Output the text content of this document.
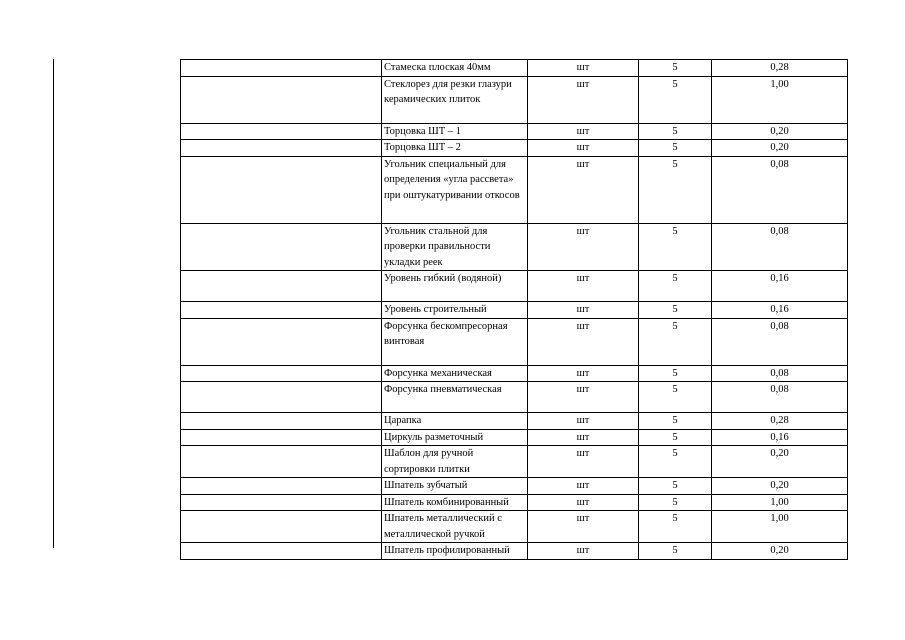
	Стамеска плоская 40мм	шт	5	0,28
	Стеклорез для резки глазури керамических плиток	шт	5	1,00
	Торцовка ШТ – 1	шт	5	0,20
	Торцовка ШТ – 2	шт	5	0,20
	Угольник специальный для определения «угла рассвета» при оштукатуривании откосов	шт	5	0,08
	Угольник стальной для проверки правильности укладки реек	шт	5	0,08
	Уровень гибкий (водяной)	шт	5	0,16
	Уровень строительный	шт	5	0,16
	Форсунка бескомпресорная винтовая	шт	5	0,08
	Форсунка механическая	шт	5	0,08
	Форсунка пневматическая	шт	5	0,08
	Царапка	шт	5	0,28
	Циркуль разметочный	шт	5	0,16
	Шаблон для ручной сортировки плитки	шт	5	0,20
	Шпатель зубчатый	шт	5	0,20
	Шпатель комбинированный	шт	5	1,00
	Шпатель металлический с металлической ручкой	шт	5	1,00
	Шпатель профилированный	шт	5	0,20
